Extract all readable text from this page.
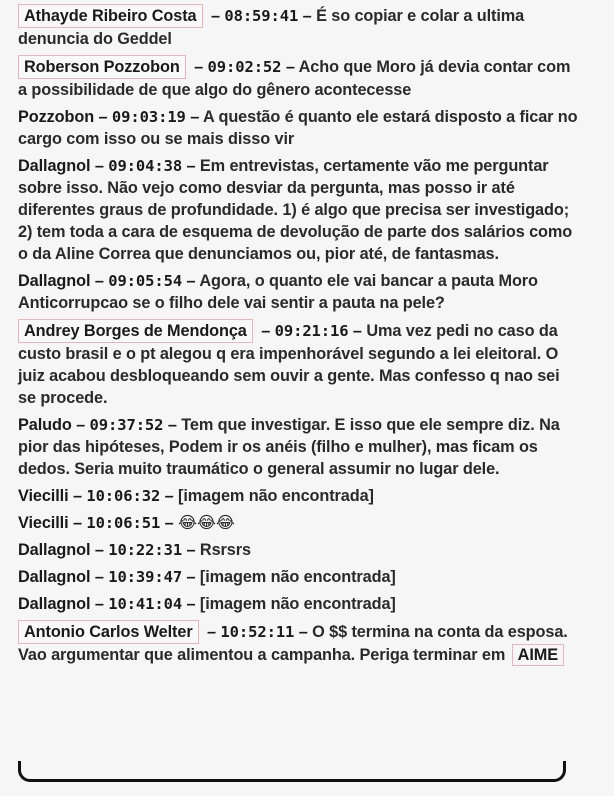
Athayde Ribeiro Costa – 08:59:41 – É so copiar e colar a ultima denuncia do Geddel
Roberson Pozzobon – 09:02:52 – Acho que Moro já devia contar com a possibilidade de que algo do gênero acontecesse
Pozzobon – 09:03:19 – A questão é quanto ele estará disposto a ficar no cargo com isso ou se mais disso vir
Dallagnol – 09:04:38 – Em entrevistas, certamente vão me perguntar sobre isso. Não vejo como desviar da pergunta, mas posso ir até diferentes graus de profundidade. 1) é algo que precisa ser investigado; 2) tem toda a cara de esquema de devolução de parte dos salários como o da Aline Correa que denunciamos ou, pior até, de fantasmas.
Dallagnol – 09:05:54 – Agora, o quanto ele vai bancar a pauta Moro Anticorrupcao se o filho dele vai sentir a pauta na pele?
Andrey Borges de Mendonça – 09:21:16 – Uma vez pedi no caso da custo brasil e o pt alegou q era impenhorável segundo a lei eleitoral. O juiz acabou desbloqueando sem ouvir a gente. Mas confesso q nao sei se procede.
Paludo – 09:37:52 – Tem que investigar. E isso que ele sempre diz. Na pior das hipóteses, Podem ir os anéis (filho e mulher), mas ficam os dedos. Seria muito traumático o general assumir no lugar dele.
Viecilli – 10:06:32 – [imagem não encontrada]
Viecilli – 10:06:51 – 😂😂😂
Dallagnol – 10:22:31 – Rsrsrs
Dallagnol – 10:39:47 – [imagem não encontrada]
Dallagnol – 10:41:04 – [imagem não encontrada]
Antonio Carlos Welter – 10:52:11 – O $$ termina na conta da esposa. Vao argumentar que alimentou a campanha. Periga terminar em AIME
